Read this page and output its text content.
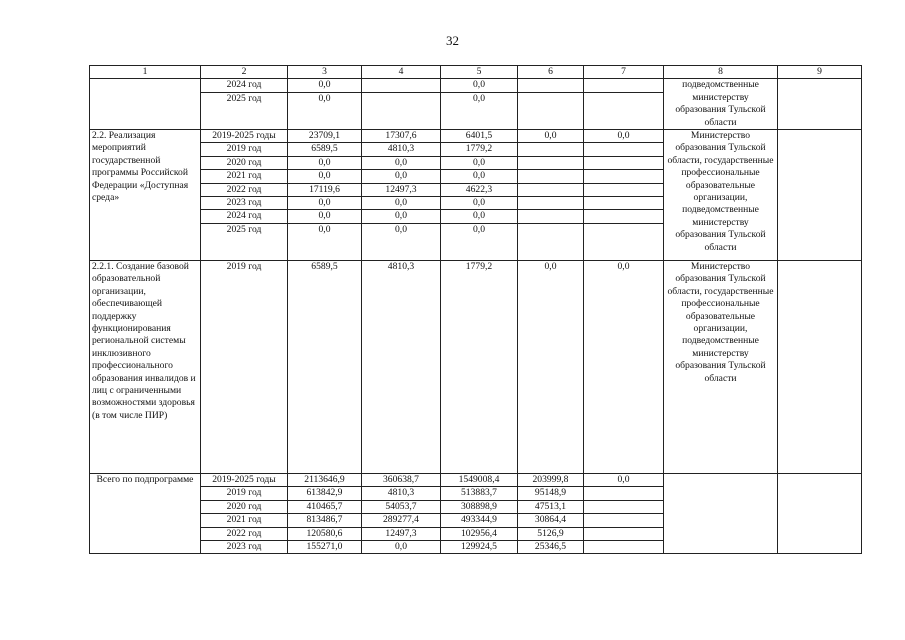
32
1	2	3	4	5	6	7	8	9
	2024 год	0,0		0,0			подведомственные министерству образования Тульской области	
	2025 год	0,0		0,0				
2.2. Реализация мероприятий государственной программы Российской Федерации «Доступная среда»	2019-2025 годы	23709,1	17307,6	6401,5	0,0	0,0	Министерство образования Тульской области, государственные профессиональные образовательные организации, подведомственные министерству образования Тульской области	
	2019 год	6589,5	4810,3	1779,2				
	2020 год	0,0	0,0	0,0				
	2021 год	0,0	0,0	0,0				
	2022 год	17119,6	12497,3	4622,3				
	2023 год	0,0	0,0	0,0				
	2024 год	0,0	0,0	0,0				
	2025 год	0,0	0,0	0,0				
2.2.1. Создание базовой образовательной организации, обеспечивающей поддержку функционирования региональной системы инклюзивного профессионального образования инвалидов и лиц с ограниченными возможностями здоровья (в том числе ПИР)	2019 год	6589,5	4810,3	1779,2	0,0	0,0	Министерство образования Тульской области, государственные профессиональные образовательные организации, подведомственные министерству образования Тульской области	
Всего по подпрограмме	2019-2025 годы	2113646,9	360638,7	1549008,4	203999,8	0,0		
	2019 год	613842,9	4810,3	513883,7	95148,9			
	2020 год	410465,7	54053,7	308898,9	47513,1			
	2021 год	813486,7	289277,4	493344,9	30864,4			
	2022 год	120580,6	12497,3	102956,4	5126,9			
	2023 год	155271,0	0,0	129924,5	25346,5			
